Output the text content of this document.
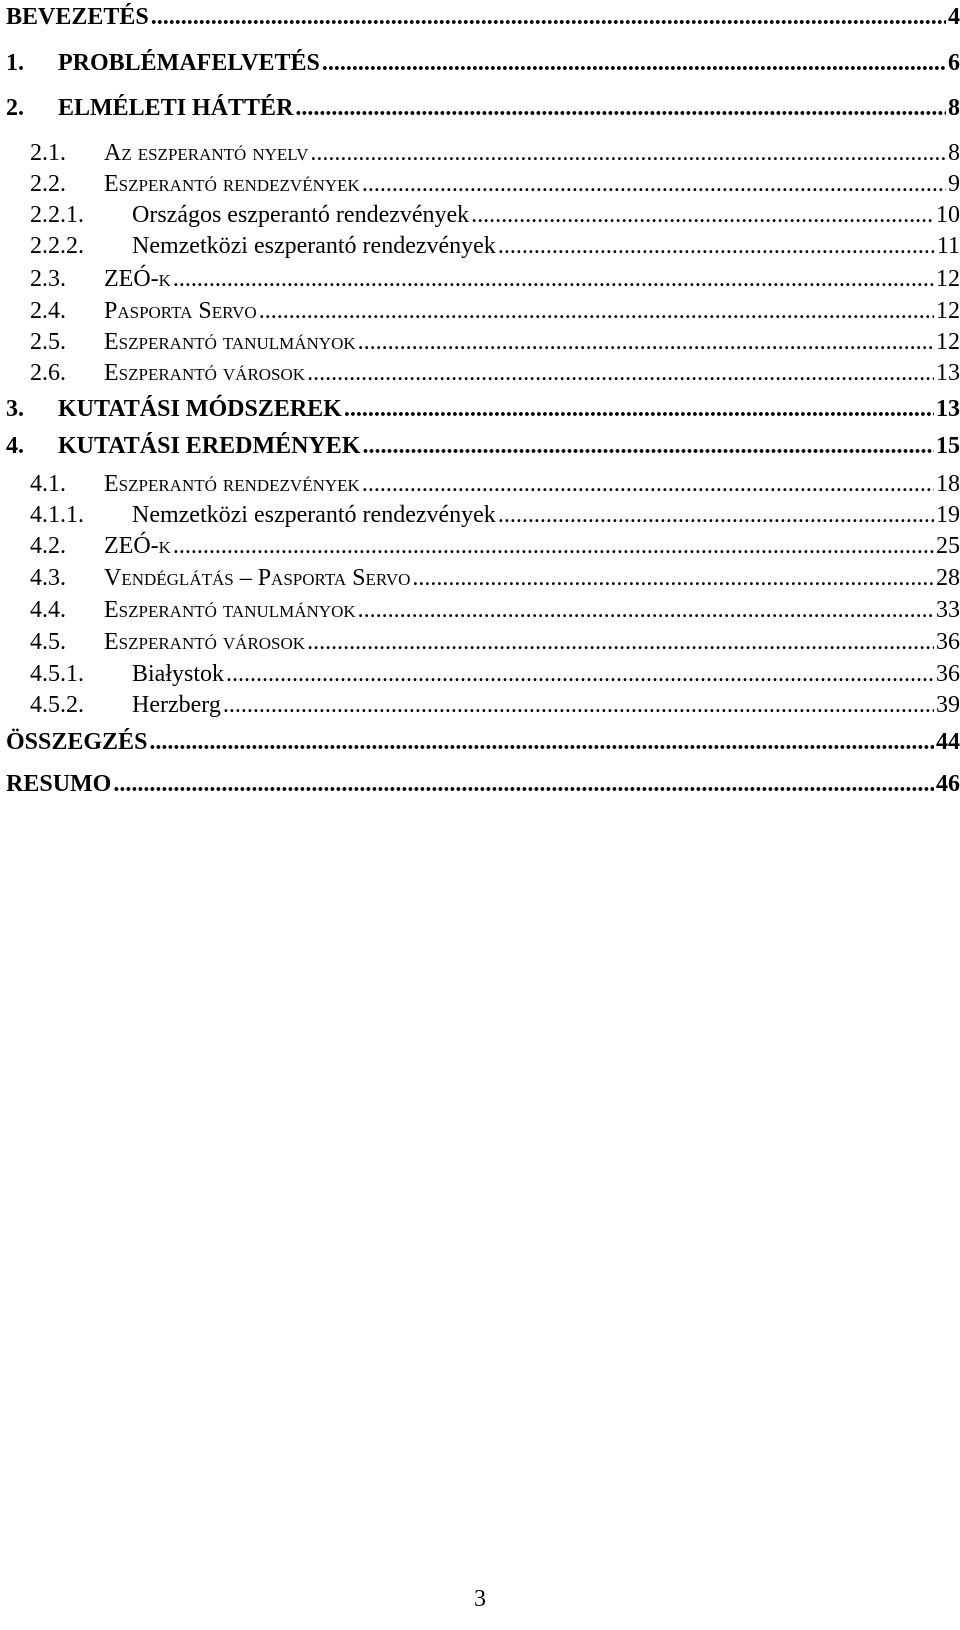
BEVEZETÉS .....	4
1.	PROBLÉMAFELVETÉS .....	6
2.	ELMÉLETI HÁTTÉR .....	8
2.1.	Az eszperantó nyelv .....	8
2.2.	Eszperantó rendezvények .....	9
2.2.1.	Országos eszperantó rendezvények .....	10
2.2.2.	Nemzetközi eszperantó rendezvények .....	11
2.3.	ZEÓ-k .....	12
2.4.	Pasporta Servo .....	12
2.5.	Eszperantó tanulmányok .....	12
2.6.	Eszperantó városok .....	13
3.	KUTATÁSI MÓDSZEREK .....	13
4.	KUTATÁSI EREDMÉNYEK .....	15
4.1.	Eszperantó rendezvények .....	18
4.1.1.	Nemzetközi eszperantó rendezvények .....	19
4.2.	ZEÓ-k .....	25
4.3.	Vendéglátás – Pasporta Servo .....	28
4.4.	Eszperantó tanulmányok .....	33
4.5.	Eszperantó városok .....	36
4.5.1.	Białystok .....	36
4.5.2.	Herzberg .....	39
ÖSSZEGZÉS .....	44
RESUMO .....	46
3
